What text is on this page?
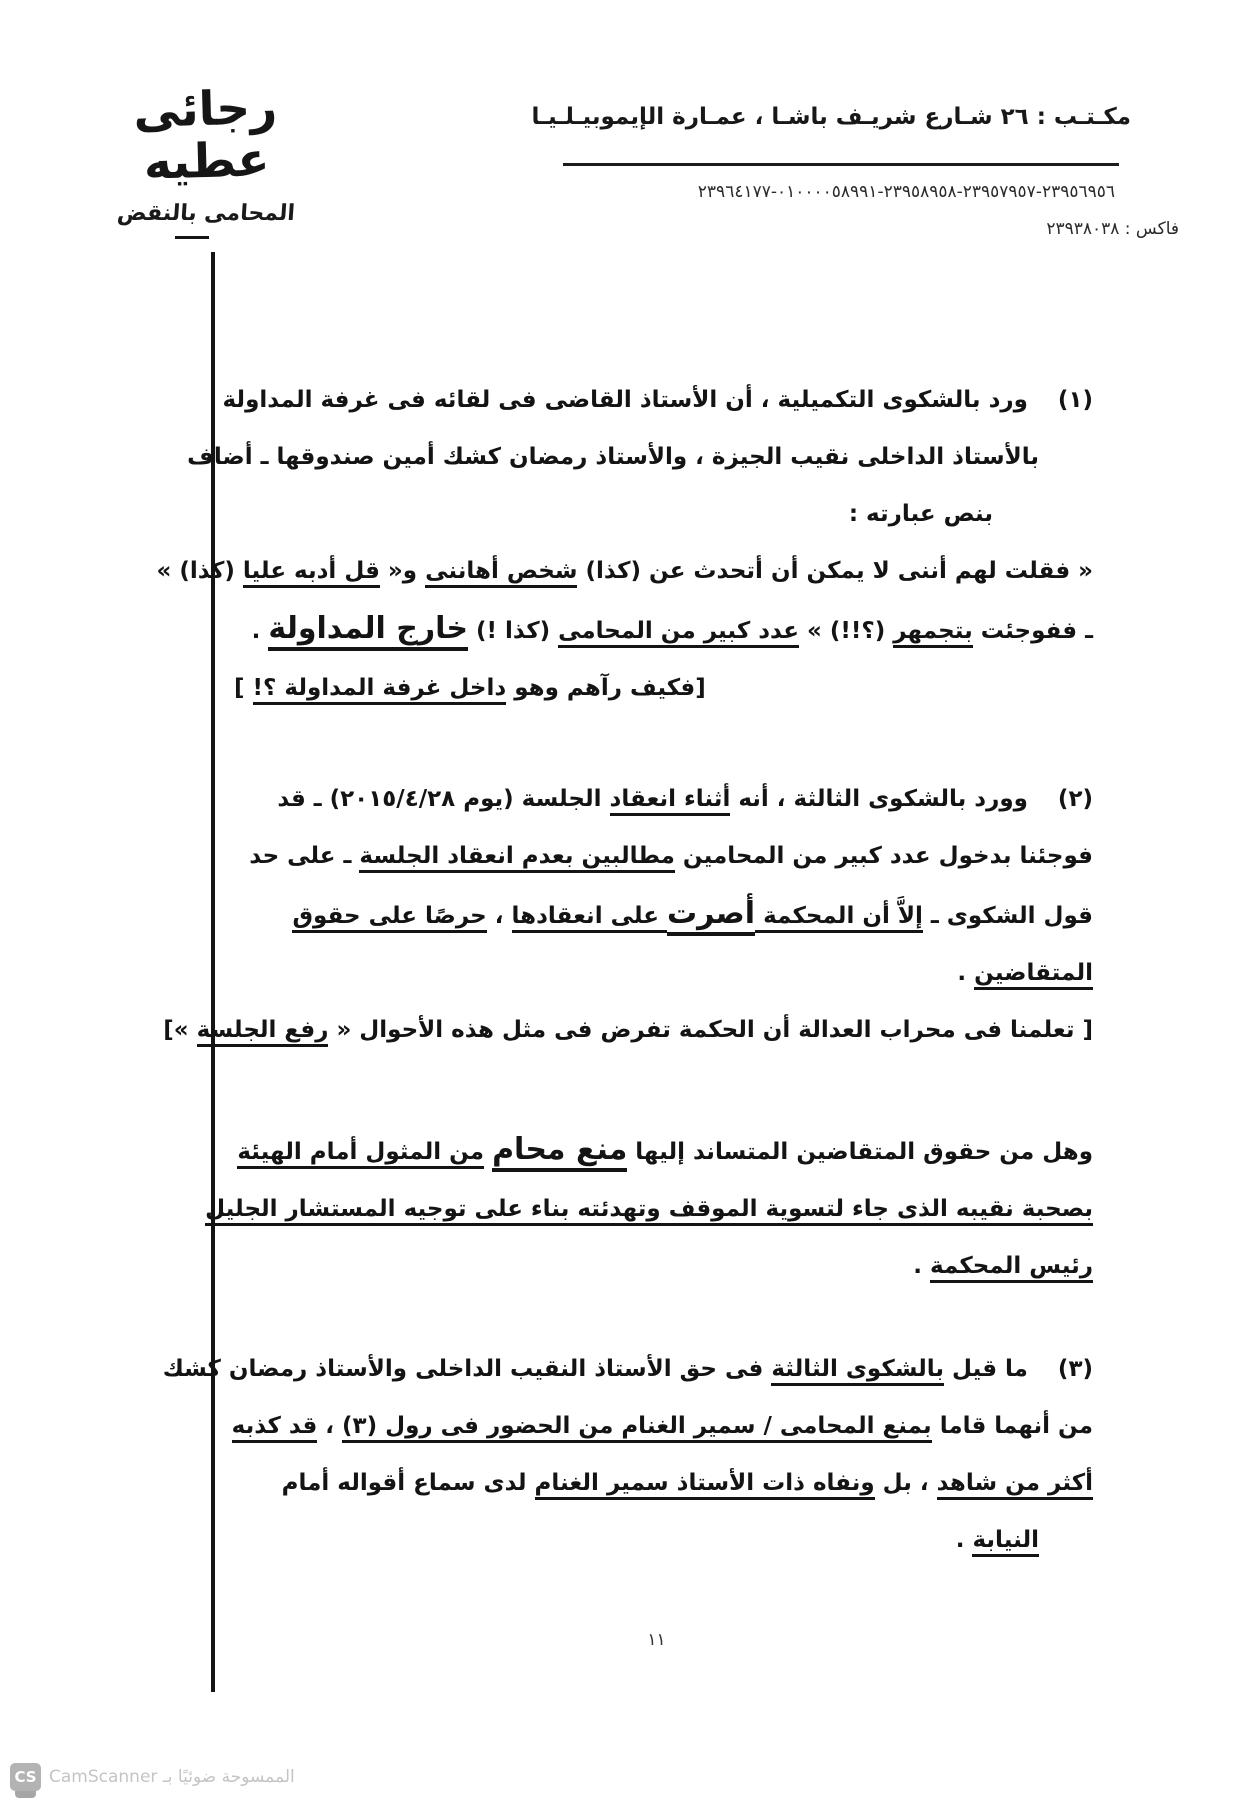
رجائى عطيه
المحامى بالنقض
مكـتـب : ٢٦ شـارع شريـف باشـا ، عمـارة الإيموبيـلـيـا
٢٣٩٥٦٩٥٦-٢٣٩٥٧٩٥٧-٢٣٩٥٨٩٥٨-٠١٠٠٠٠٥٨٩٩١-٢٣٩٦٤١٧٧
فاكس : ٢٣٩٣٨٠٣٨
(١)ورد بالشكوى التكميلية ، أن الأستاذ القاضى فى لقائه فى غرفة المداولة
بالأستاذ الداخلى نقيب الجيزة ، والأستاذ رمضان كشك أمين صندوقها ـ أضاف
بنص عبارته :
« فقلت لهم أننى لا يمكن أن أتحدث عن (كذا) شخص أهاننى و« قل أدبه عليا (كذا) »
ـ ففوجئت بتجمهر (؟!!) » عدد كبير من المحامى (كذا !) خارج المداولة .
[فكيف رآهم وهو داخل غرفة المداولة ؟! ]
(٢)وورد بالشكوى الثالثة ، أنه أثناء انعقاد الجلسة (يوم ٢٠١٥/٤/٢٨) ـ قد
فوجئنا بدخول عدد كبير من المحامين مطالبين بعدم انعقاد الجلسة ـ على حد
قول الشكوى ـ إلاَّ أن المحكمة أصرت على انعقادها ، حرصًا على حقوق
المتقاضين .
[ تعلمنا فى محراب العدالة أن الحكمة تفرض فى مثل هذه الأحوال « رفع الجلسة »]
وهل من حقوق المتقاضين المتساند إليها منع محام من المثول أمام الهيئة
بصحبة نقيبه الذى جاء لتسوية الموقف وتهدئته بناء على توجيه المستشار الجليل
رئيس المحكمة .
(٣)ما قيل بالشكوى الثالثة فى حق الأستاذ النقيب الداخلى والأستاذ رمضان كشك
من أنهما قاما بمنع المحامى / سمير الغنام من الحضور فى رول (٣) ، قد كذبه
أكثر من شاهد ، بل ونفاه ذات الأستاذ سمير الغنام لدى سماع أقواله أمام
النيابة .
١١
CS الممسوحة ضوئيًا بـ CamScanner
